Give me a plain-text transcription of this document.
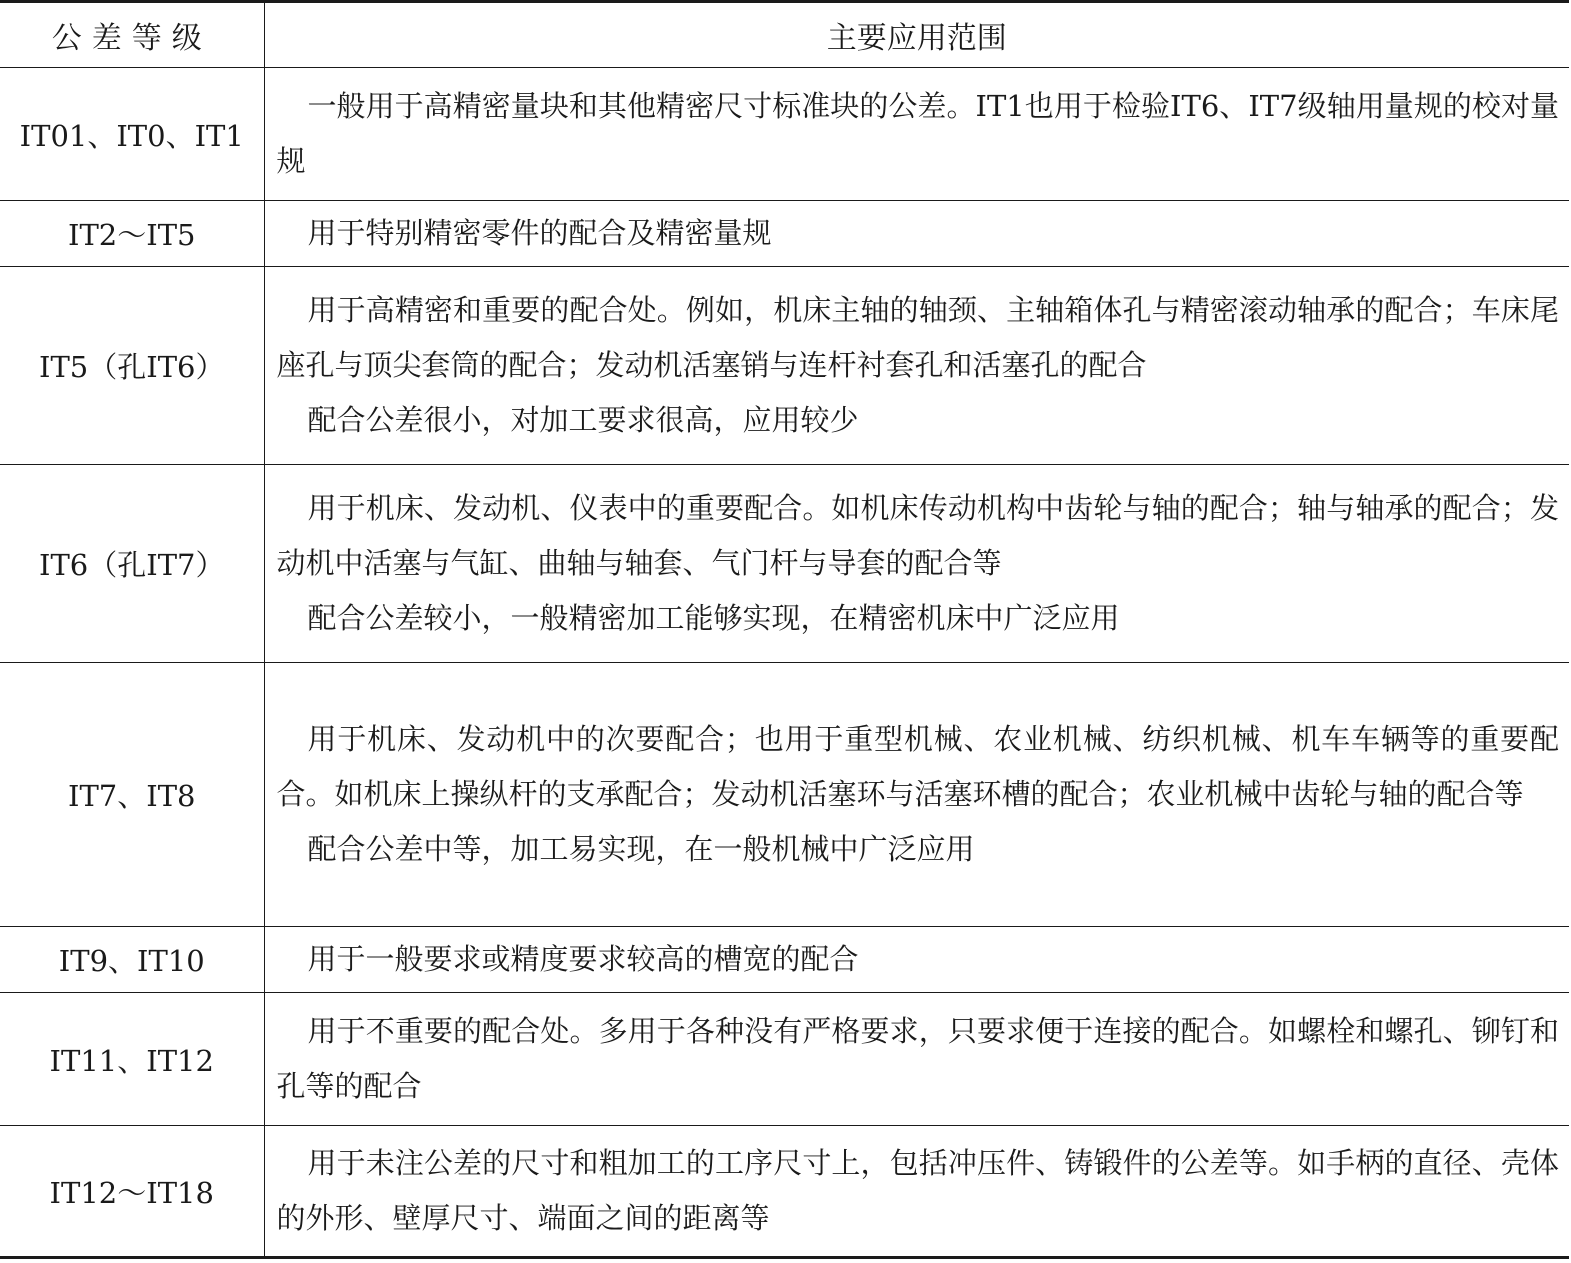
公差等级	主要应用范围
IT01、IT0、IT1	一般用于高精密量块和其他精密尺寸标准块的公差。IT1也用于检验IT6、IT7级轴用量规的校对量规

IT2～IT5	用于特别精密零件的配合及精密量规

IT5（孔IT6）	用于高精密和重要的配合处。例如，机床主轴的轴颈、主轴箱体孔与精密滚动轴承的配合；车床尾座孔与顶尖套筒的配合；发动机活塞销与连杆衬套孔和活塞孔的配合

配合公差很小，对加工要求很高，应用较少

IT6（孔IT7）	用于机床、发动机、仪表中的重要配合。如机床传动机构中齿轮与轴的配合；轴与轴承的配合；发动机中活塞与气缸、曲轴与轴套、气门杆与导套的配合等

配合公差较小，一般精密加工能够实现，在精密机床中广泛应用

IT7、IT8	用于机床、发动机中的次要配合；也用于重型机械、农业机械、纺织机械、机车车辆等的重要配合。如机床上操纵杆的支承配合；发动机活塞环与活塞环槽的配合；农业机械中齿轮与轴的配合等

配合公差中等，加工易实现，在一般机械中广泛应用

IT9、IT10	用于一般要求或精度要求较高的槽宽的配合

IT11、IT12	用于不重要的配合处。多用于各种没有严格要求，只要求便于连接的配合。如螺栓和螺孔、铆钉和孔等的配合

IT12～IT18	用于未注公差的尺寸和粗加工的工序尺寸上，包括冲压件、铸锻件的公差等。如手柄的直径、壳体的外形、壁厚尺寸、端面之间的距离等
